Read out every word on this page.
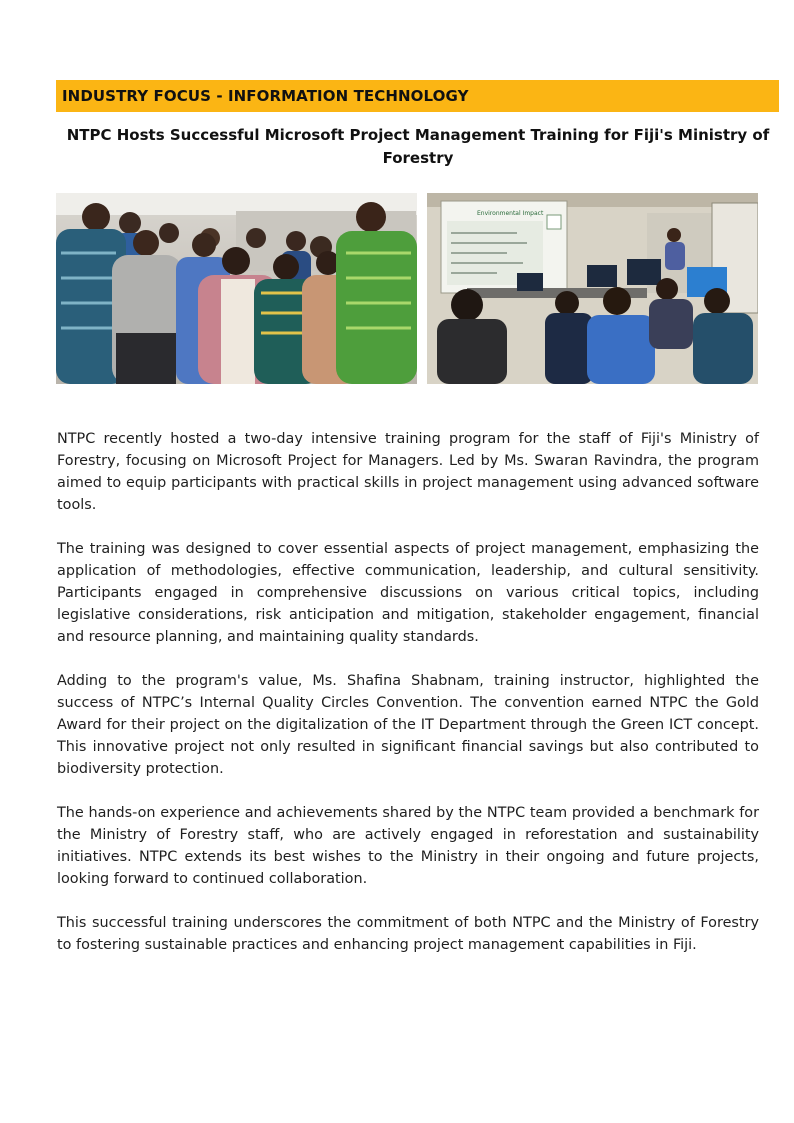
INDUSTRY FOCUS - INFORMATION TECHNOLOGY
NTPC Hosts Successful Microsoft Project Management Training for Fiji's Ministry of Forestry
Environmental Impact

NTPC recently hosted a two-day intensive training program for the staff of Fiji's Ministry of Forestry, focusing on Microsoft Project for Managers. Led by Ms. Swaran Ravindra, the program aimed to equip participants with practical skills in project management using advanced software tools.

The training was designed to cover essential aspects of project management, emphasizing the application of methodologies, effective communication, leadership, and cultural sensitivity. Participants engaged in comprehensive discussions on various critical topics, including legislative considerations, risk anticipation and mitigation, stakeholder engagement, financial and resource planning, and maintaining quality standards.

Adding to the program's value, Ms. Shafina Shabnam, training instructor, highlighted the success of NTPC’s Internal Quality Circles Convention. The convention earned NTPC the Gold Award for their project on the digitalization of the IT Department through the Green ICT concept. This innovative project not only resulted in significant financial savings but also contributed to biodiversity protection.

The hands-on experience and achievements shared by the NTPC team provided a benchmark for the Ministry of Forestry staff, who are actively engaged in reforestation and sustainability initiatives. NTPC extends its best wishes to the Ministry in their ongoing and future projects, looking forward to continued collaboration.

This successful training underscores the commitment of both NTPC and the Ministry of Forestry to fostering sustainable practices and enhancing project management capabilities in Fiji.
